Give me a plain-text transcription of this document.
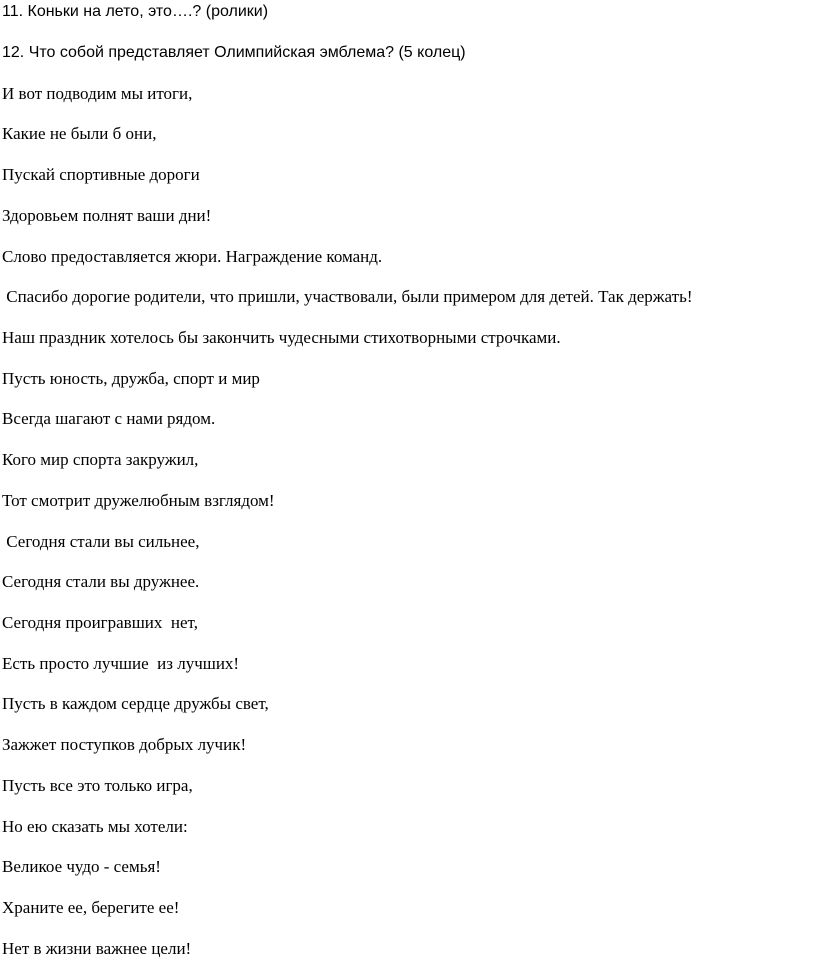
11. Коньки на лето, это….? (ролики)

12. Что собой представляет Олимпийская эмблема? (5 колец)

И вот подводим мы итоги,

Какие не были б они,

Пускай спортивные дороги

Здоровьем полнят ваши дни!

Слово предоставляется жюри. Награждение команд.

Спасибо дорогие родители, что пришли, участвовали, были примером для детей. Так держать!

Наш праздник хотелось бы закончить чудесными стихотворными строчками.

Пусть юность, дружба, спорт и мир

Всегда шагают с нами рядом.

Кого мир спорта закружил,

Тот смотрит дружелюбным взглядом!

Сегодня стали вы сильнее,

Сегодня стали вы дружнее.

Сегодня проигравших  нет,

Есть просто лучшие  из лучших!

Пусть в каждом сердце дружбы свет,

Зажжет поступков добрых лучик!

Пусть все это только игра,

Но ею сказать мы хотели:

Великое чудо - семья!

Храните ее, берегите ее!

Нет в жизни важнее цели!
